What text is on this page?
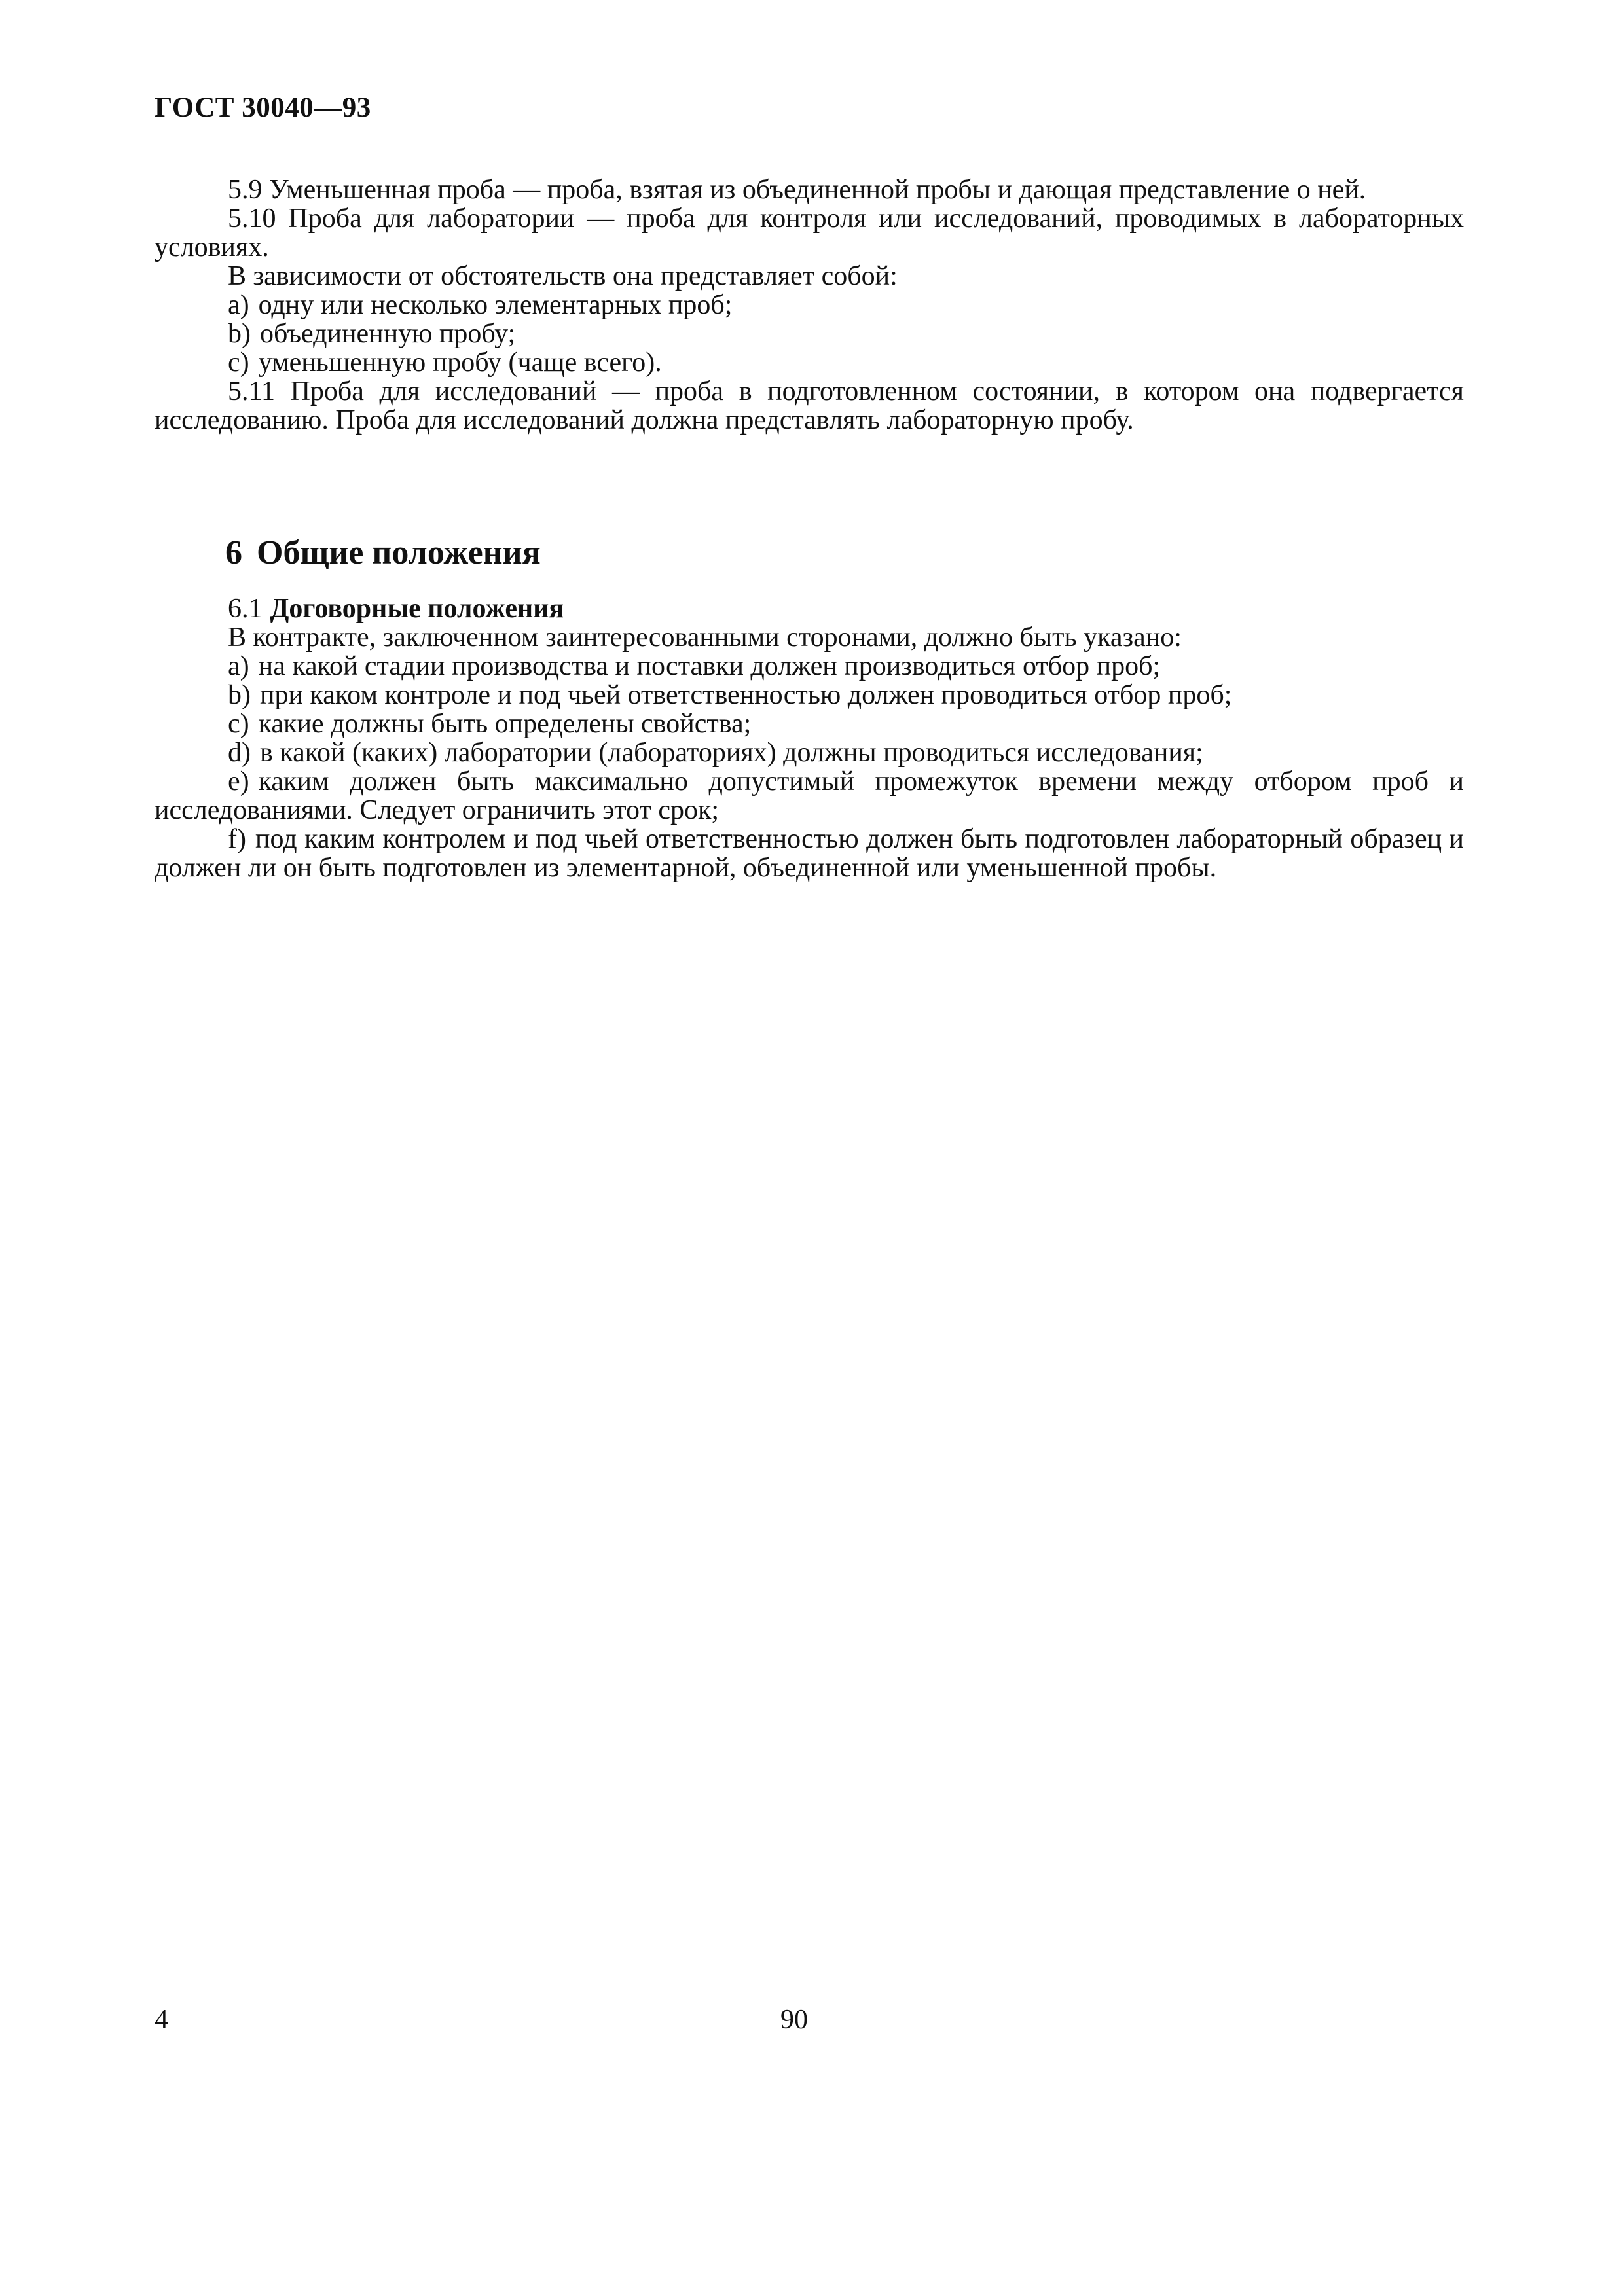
ГОСТ 30040—93

5.9 Уменьшенная проба — проба, взятая из объединенной пробы и дающая представление о ней.

5.10 Проба для лаборатории — проба для контроля или исследований, проводимых в лабораторных условиях.

В зависимости от обстоятельств она представляет собой:

a) одну или несколько элементарных проб;

b) объединенную пробу;

c) уменьшенную пробу (чаще всего).

5.11 Проба для исследований — проба в подготовленном состоянии, в котором она подвергается исследованию. Проба для исследований должна представлять лабораторную пробу.

6 Общие положения

6.1 Договорные положения

В контракте, заключенном заинтересованными сторонами, должно быть указано:

a) на какой стадии производства и поставки должен производиться отбор проб;

b) при каком контроле и под чьей ответственностью должен проводиться отбор проб;

c) какие должны быть определены свойства;

d) в какой (каких) лаборатории (лабораториях) должны проводиться исследования;

e) каким должен быть максимально допустимый промежуток времени между отбором проб и исследованиями. Следует ограничить этот срок;

f) под каким контролем и под чьей ответственностью должен быть подготовлен лабораторный образец и должен ли он быть подготовлен из элементарной, объединенной или уменьшенной пробы.

4	90
